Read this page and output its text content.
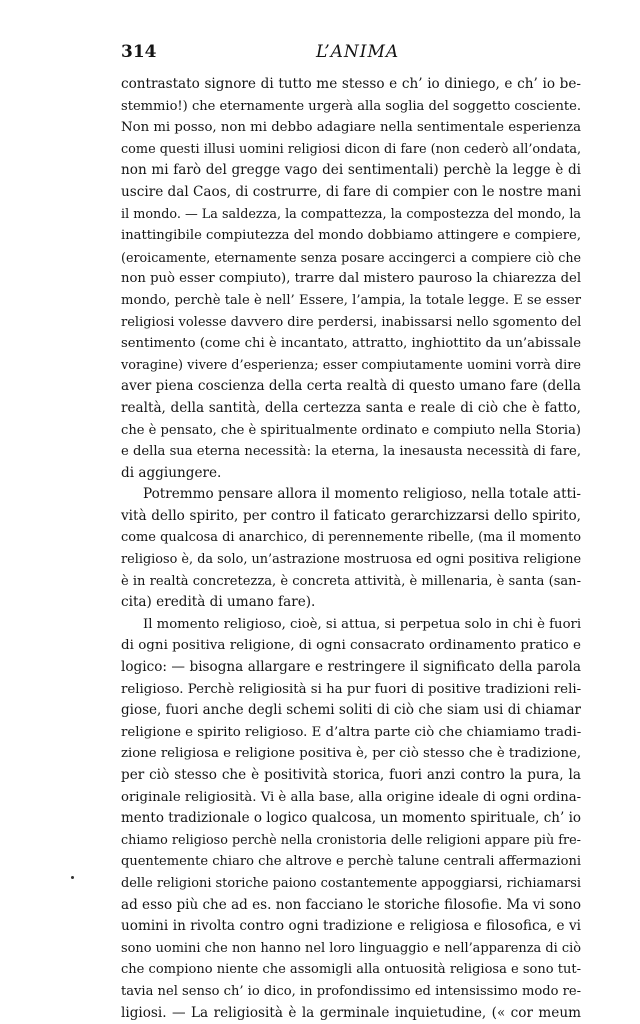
314	L’ANIMA
contrastato signore di tutto me stesso e ch’ io diniego, e ch’ io be-
stemmio!) che eternamente urgerà alla soglia del soggetto cosciente.
Non mi posso, non mi debbo adagiare nella sentimentale esperienza
come questi illusi uomini religiosi dicon di fare (non cederò all’ondata,
non mi farò del gregge vago dei sentimentali) perchè la legge è di
uscire dal Caos, di costrurre, di fare di compier con le nostre mani
il mondo. — La saldezza, la compattezza, la compostezza del mondo, la
inattingibile compiutezza del mondo dobbiamo attingere e compiere,
(eroicamente, eternamente senza posare accingerci a compiere ciò che
non può esser compiuto), trarre dal mistero pauroso la chiarezza del
mondo, perchè tale è nell’ Essere, l’ampia, la totale legge. E se esser
religiosi volesse davvero dire perdersi, inabissarsi nello sgomento del
sentimento (come chi è incantato, attratto, inghiottito da un’abissale
voragine) vivere d’esperienza; esser compiutamente uomini vorrà dire
aver piena coscienza della certa realtà di questo umano fare (della
realtà, della santità, della certezza santa e reale di ciò che è fatto,
che è pensato, che è spiritualmente ordinato e compiuto nella Storia)
e della sua eterna necessità: la eterna, la inesausta necessità di fare,
di aggiungere.
Potremmo pensare allora il momento religioso, nella totale atti-
vità dello spirito, per contro il faticato gerarchizzarsi dello spirito,
come qualcosa di anarchico, di perennemente ribelle, (ma il momento
religioso è, da solo, un’astrazione mostruosa ed ogni positiva religione
è in realtà concretezza, è concreta attività, è millenaria, è santa (san-
cita) eredità di umano fare).
Il momento religioso, cioè, si attua, si perpetua solo in chi è fuori
di ogni positiva religione, di ogni consacrato ordinamento pratico e
logico: — bisogna allargare e restringere il significato della parola
religioso. Perchè religiosità si ha pur fuori di positive tradizioni reli-
giose, fuori anche degli schemi soliti di ciò che siam usi di chiamar
religione e spirito religioso. E d’altra parte ciò che chiamiamo tradi-
zione religiosa e religione positiva è, per ciò stesso che è tradizione,
per ciò stesso che è positività storica, fuori anzi contro la pura, la
originale religiosità. Vi è alla base, alla origine ideale di ogni ordina-
mento tradizionale o logico qualcosa, un momento spirituale, ch’ io
chiamo religioso perchè nella cronistoria delle religioni appare più fre-
quentemente chiaro che altrove e perchè talune centrali affermazioni
delle religioni storiche paiono costantemente appoggiarsi, richiamarsi
ad esso più che ad es. non facciano le storiche filosofie. Ma vi sono
uomini in rivolta contro ogni tradizione e religiosa e filosofica, e vi
sono uomini che non hanno nel loro linguaggio e nell’apparenza di ciò
che compiono niente che assomigli alla ontuosità religiosa e sono tut-
tavia nel senso ch’ io dico, in profondissimo ed intensissimo modo re-
ligiosi. — La religiosità è la germinale inquietudine, (« cor meum
